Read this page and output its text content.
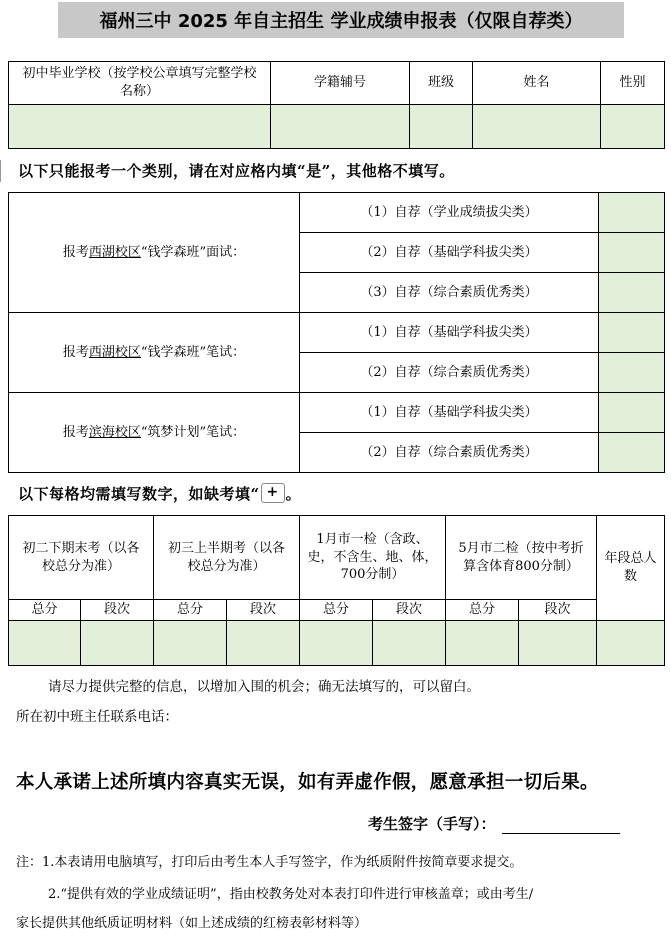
福州三中 2025 年自主招生 学业成绩申报表（仅限自荐类）
初中毕业学校（按学校公章填写完整学校名称）	学籍辅号	班级	姓名	性别

以下只能报考一个类别，请在对应格内填“是”，其他格不填写。
报考西湖校区“钱学森班”面试：	（1）自荐（学业成绩拔尖类）	
	（2）自荐（基础学科拔尖类）	
	（3）自荐（综合素质优秀类）	
报考西湖校区“钱学森班”笔试：	（1）自荐（基础学科拔尖类）	
	（2）自荐（综合素质优秀类）	
报考滨海校区“筑梦计划”笔试：	（1）自荐（基础学科拔尖类）	
	（2）自荐（综合素质优秀类）	
以下每格均需填写数字，如缺考填“ + 。
初二下期末考（以各校总分为准）		初三上半期考（以各校总分为准）		1月市一检（含政、史，不含生、地、体，700分制）		5月市二检（按中考折算含体育800分制）		年段总人数
总分	段次	总分	段次	总分	段次	总分	段次	

请尽力提供完整的信息，以增加入围的机会；确无法填写的，可以留白。
所在初中班主任联系电话：
本人承诺上述所填内容真实无误，如有弄虚作假，愿意承担一切后果。
考生签字（手写）：
注：1.本表请用电脑填写，打印后由考生本人手写签字，作为纸质附件按简章要求提交。
2.“提供有效的学业成绩证明”，指由校教务处对本表打印件进行审核盖章；或由考生/
家长提供其他纸质证明材料（如上述成绩的红榜表彰材料等）
